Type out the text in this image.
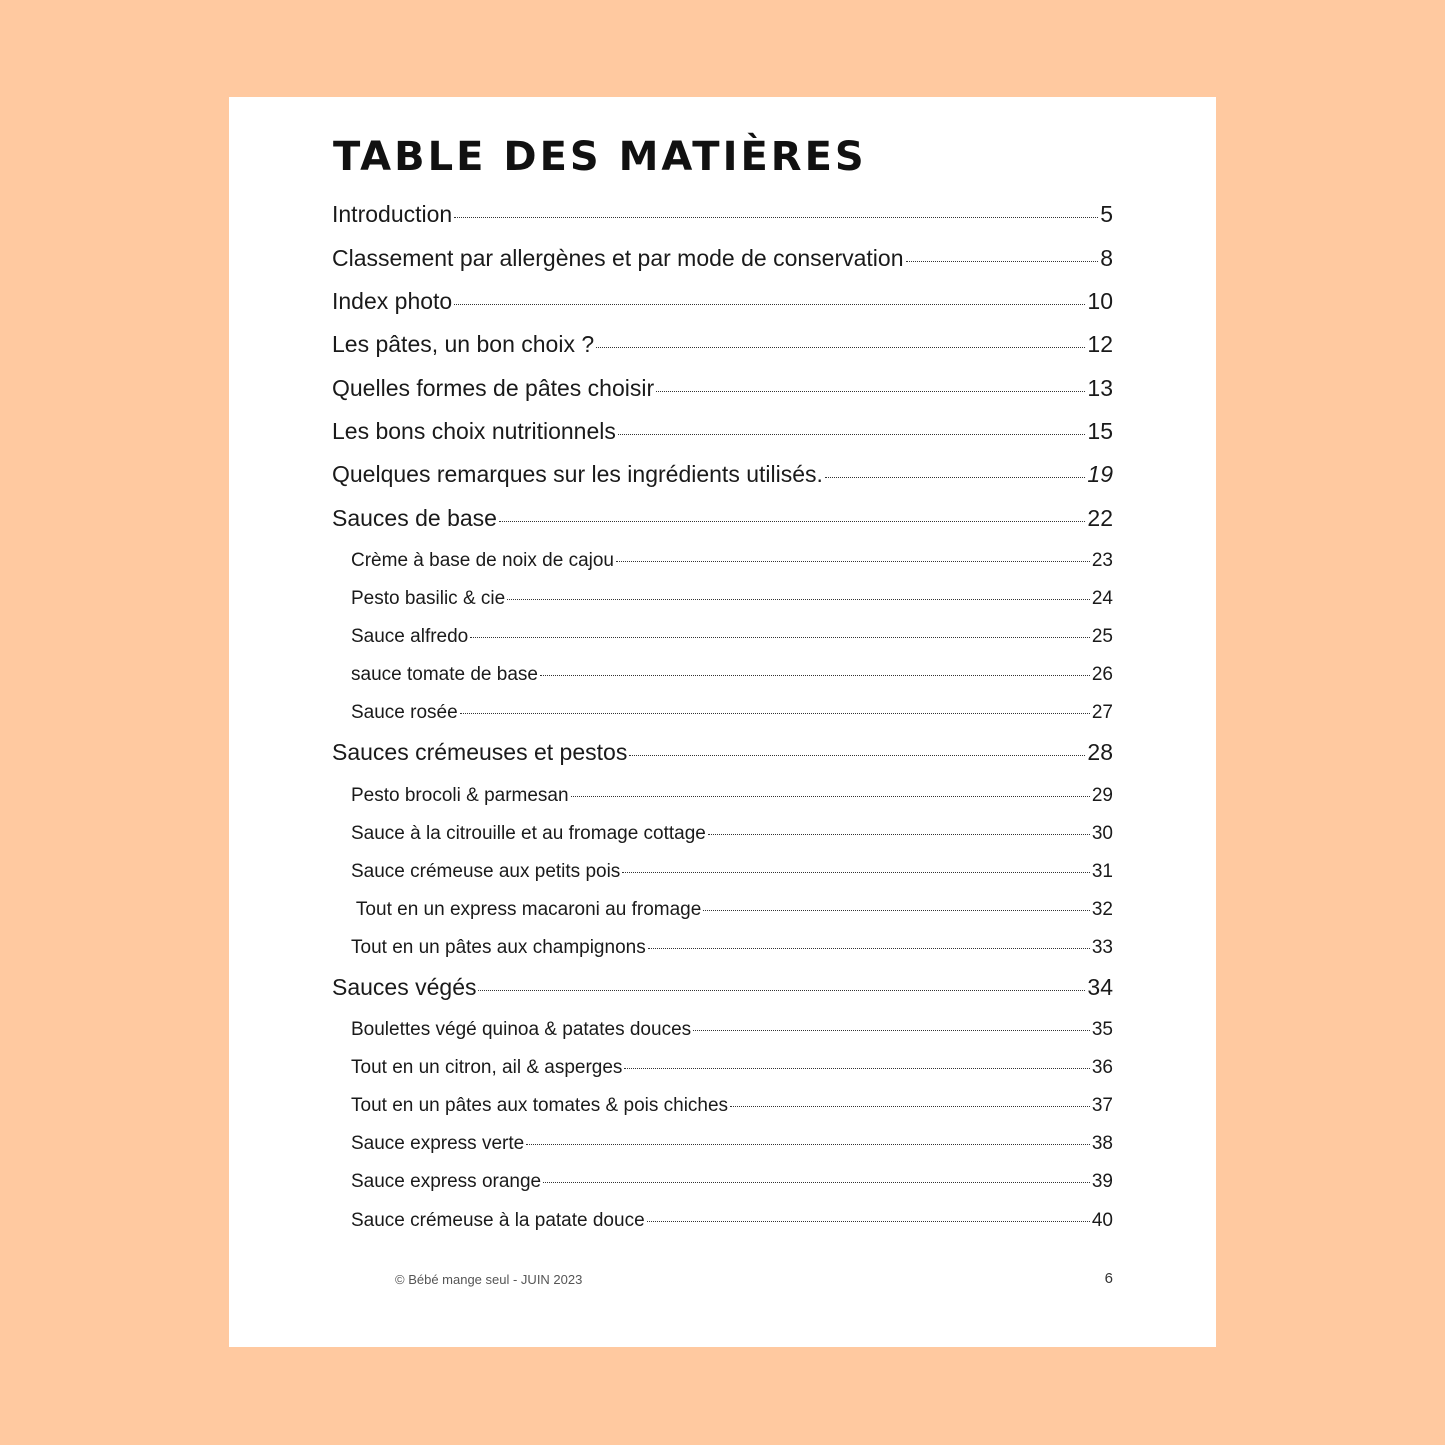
TABLE DES MATIÈRES
Introduction	5
Classement par allergènes et par mode de conservation	8
Index photo	10
Les pâtes, un bon choix ?	12
Quelles formes de pâtes choisir	13
Les bons choix nutritionnels	15
Quelques remarques sur les ingrédients utilisés.	19
Sauces de base	22
Crème à base de noix de cajou	23
Pesto basilic & cie	24
Sauce alfredo	25
sauce tomate de base	26
Sauce rosée	27
Sauces crémeuses et pestos	28
Pesto brocoli & parmesan	29
Sauce à la citrouille et au fromage cottage	30
Sauce crémeuse aux petits pois	31
Tout en un express macaroni au fromage	32
Tout en un pâtes aux champignons	33
Sauces végés	34
Boulettes végé quinoa & patates douces	35
Tout en un citron, ail & asperges	36
Tout en un pâtes aux tomates & pois chiches	37
Sauce express verte	38
Sauce express orange	39
Sauce crémeuse à la patate douce	40
© Bébé mange seul - JUIN 2023	6
